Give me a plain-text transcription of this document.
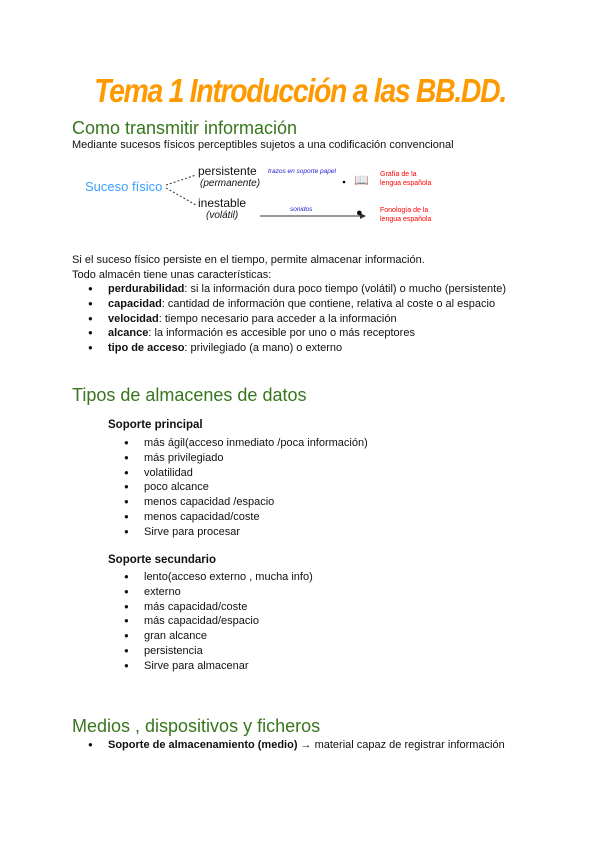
Tema 1 Introducción a las BB.DD.
Como transmitir información
Mediante sucesos físicos perceptibles sujetos a una codificación convencional
Suceso físico
persistente
(permanente)
inestable
(volátil)
trazos en soporte papel
sonidos
📖
●
Grafía de la
lengua española
Fonología de la
lengua española
Si el suceso físico persiste en el tiempo, permite almacenar información.
Todo almacén tiene unas características:
● perdurabilidad: si la información dura poco tiempo (volátil) o mucho (persistente)
● capacidad: cantidad de información que contiene, relativa al coste o al espacio
● velocidad: tiempo necesario para acceder a la información
● alcance: la información es accesible por uno o más receptores
● tipo de acceso: privilegiado (a mano) o externo
Tipos de almacenes de datos
Soporte principal
● más ágil(acceso inmediato /poca información)
● más privilegiado
● volatilidad
● poco alcance
● menos capacidad /espacio
● menos capacidad/coste
● Sirve para procesar
Soporte secundario
● lento(acceso externo , mucha info)
● externo
● más capacidad/coste
● más capacidad/espacio
● gran alcance
● persistencia
● Sirve para almacenar
Medios , dispositivos y ficheros
● Soporte de almacenamiento (medio) → material capaz de registrar información
